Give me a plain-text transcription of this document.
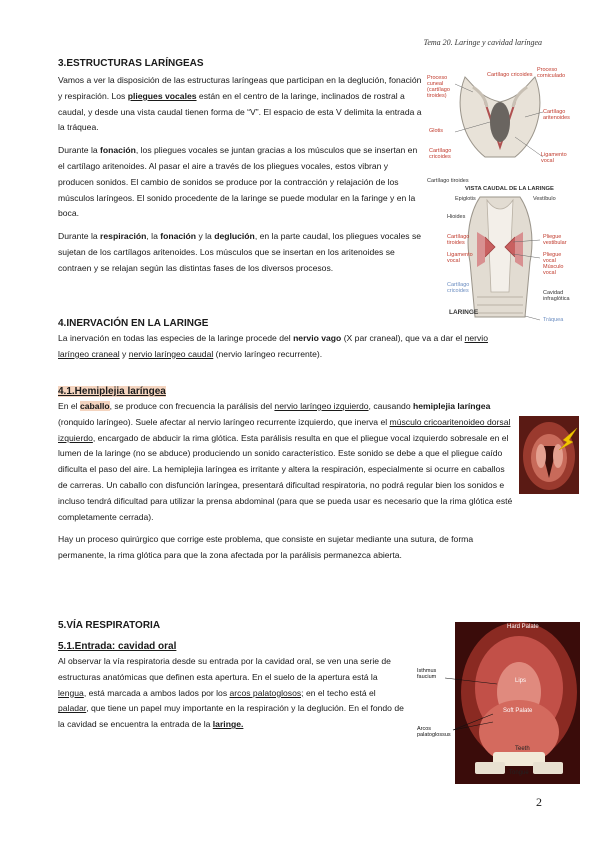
Tema 20. Laringe y cavidad laríngea
3.ESTRUCTURAS LARÍNGEAS

Vamos a ver la disposición de las estructuras laríngeas que participan en la deglución, fonación y respiración. Los pliegues vocales están en el centro de la laringe, inclinados de rostral a caudal, y desde una vista caudal tienen forma de “V”. El espacio de esta V delimita la entrada a la tráquea.

Durante la fonación, los pliegues vocales se juntan gracias a los músculos que se insertan en el cartílago aritenoides. Al pasar el aire a través de los pliegues vocales, estos vibran y producen sonidos. El cambio de sonidos se produce por la contracción y relajación de los músculos laríngeos. El sonido procedente de la laringe se puede modular en la faringe y en la boca.

Durante la respiración, la fonación y la deglución, en la parte caudal, los pliegues vocales se sujetan de los cartílagos aritenoides. Los músculos que se insertan en los aritenoides se contraen y se relajan según las distintas fases de los diversos procesos.

Cartílago cricoides
Proceso corniculado
Proceso cuneal (cartílago tiroides)
Cartílago aritenoides
Glotis
Cartílago cricoides	Ligamento vocal
Cartílago tiroides
VISTA CAUDAL DE LA LARINGE
Epiglotis	Vestíbulo
Hioides
Cartílago tiroides
Pliegue vestibular
Ligamento vocal
Pliegue vocal
Músculo vocal
Cartílago cricoides	Cavidad infraglótica
LARINGE
Tráquea
4.INERVACIÓN EN LA LARINGE

La inervación en todas las especies de la laringe procede del nervio vago (X par craneal), que va a dar el nervio laríngeo craneal y nervio laríngeo caudal (nervio laríngeo recurrente).

4.1.Hemiplejia laríngea

En el caballo, se produce con frecuencia la parálisis del nervio laríngeo izquierdo, causando hemiplejia laríngea (ronquido laríngeo). Suele afectar al nervio laríngeo recurrente izquierdo, que inerva el músculo cricoaritenoideo dorsal izquierdo, encargado de abducir la rima glótica. Esta parálisis resulta en que el pliegue vocal izquierdo sobresale en el lumen de la laringe (no se abduce) produciendo un sonido característico. Este sonido se debe a que el pliegue caído dificulta el paso del aire. La hemiplejia laríngea es irritante y altera la respiración, especialmente si ocurre en caballos de carreras. Un caballo con disfunción laríngea, presentará dificultad respiratoria, no podrá regular bien los sonidos e incluso tendrá dificultad para utilizar la prensa abdominal (para que se pueda usar es necesario que la rima glótica esté completamente cerrada).

Hay un proceso quirúrgico que corrige este problema, que consiste en sujetar mediante una sutura, de forma permanente, la rima glótica para que la zona afectada por la parálisis permanezca abierta.

5.VÍA RESPIRATORIA
5.1.Entrada: cavidad oral

Al observar la vía respiratoria desde su entrada por la cavidad oral, se ven una serie de estructuras anatómicas que definen esta apertura. En el suelo de la apertura está la lengua, está marcada a ambos lados por los arcos palatoglosos; en el techo está el paladar, que tiene un papel muy importante en la respiración y la deglución. En el fondo de la cavidad se encuentra la entrada de la laringe.

Hard Palate
Isthmus faucium
Lips
Soft Palate
Arcos palatoglossus
Teeth
Tongue
2
